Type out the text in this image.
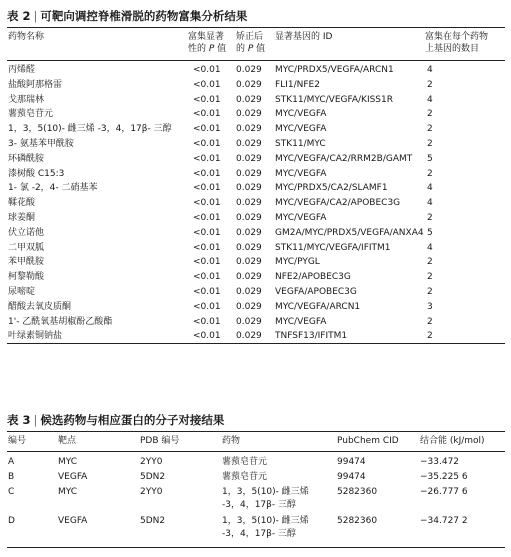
表 2 | 可靶向调控脊椎滑脱的药物富集分析结果
药物名称	富集显著
性的 P 值
矫正后
的 P 值
显著基因的 ID	富集在每个药物
上基因的数目
丙烯醛	<0.01 0.029 MYC/PRDX5/VEGFA/ARCN1	4
盐酸阿那格雷	<0.01 0.029 FLI1/NFE2	2
戈那瑞林	<0.01 0.029 STK11/MYC/VEGFA/KISS1R	4
薯蓣皂苷元	<0.01 0.029 MYC/VEGFA	2
1，3，5(10)- 雌三烯 -3，4，17β- 三醇 <0.01 0.029 MYC/VEGFA	2
3- 氨基苯甲酰胺	<0.01 0.029 STK11/MYC	2
环磷酰胺	<0.01 0.029 MYC/VEGFA/CA2/RRM2B/GAMT 5
漆树酸 C15:3	<0.01 0.029 MYC/VEGFA	2
1- 氯 -2，4- 二硝基苯	<0.01 0.029 MYC/PRDX5/CA2/SLAMF1	4
鞣花酸	<0.01 0.029 MYC/VEGFA/CA2/APOBEC3G	4
球姜酮	<0.01 0.029 MYC/VEGFA	2
伏立诺他	<0.01 0.029 GM2A/MYC/PRDX5/VEGFA/ANXA4 5
二甲双胍	<0.01 0.029 STK11/MYC/VEGFA/IFITM1	4
苯甲酰胺	<0.01 0.029 MYC/PYGL	2
柯黎勒酸	<0.01 0.029 NFE2/APOBEC3G	2
尿嘧啶	<0.01 0.029 VEGFA/APOBEC3G	2
醋酸去氧皮质酮	<0.01 0.029 MYC/VEGFA/ARCN1	3
1'- 乙酰氧基胡椒酚乙酸酯	<0.01 0.029 MYC/VEGFA	2
叶绿素铜钠盐	<0.01 0.029 TNFSF13/IFITM1	2
表 3 | 候选药物与相应蛋白的分子对接结果
编号	靶点	PDB 编号	药物	PubChem CID 结合能 (kJ/mol)
A	MYC	2YY0	薯蓣皂苷元	99474	−33.472
B	VEGFA	5DN2	薯蓣皂苷元	99474	−35.225 6
C	MYC	2YY0	1，3，5(10)- 雌三烯
-3，4，17β- 三醇
5282360	−26.777 6
D	VEGFA	5DN2	1，3，5(10)- 雌三烯
-3，4，17β- 三醇
5282360	−34.727 2
